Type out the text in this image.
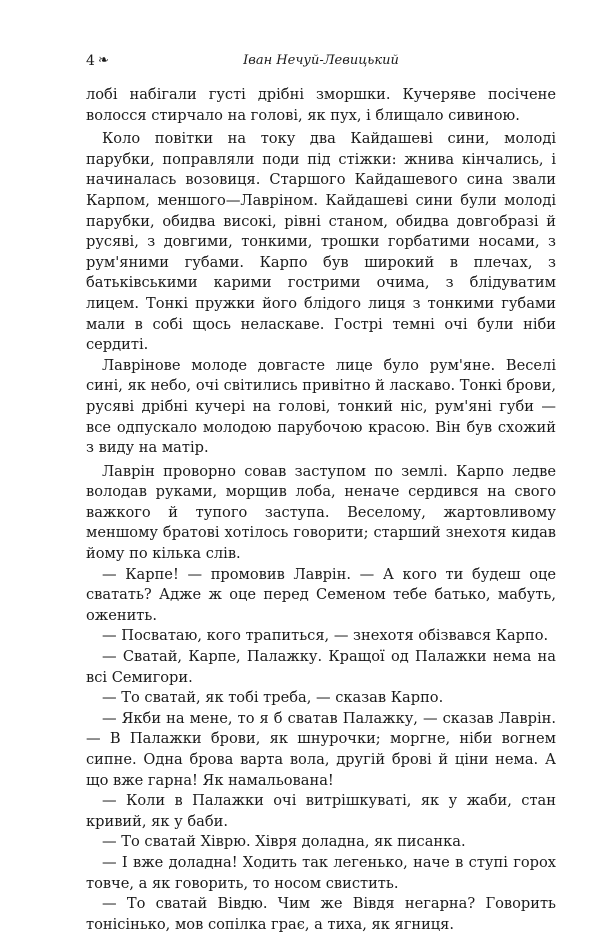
4 ❧	Іван Нечуй-Левицький

лобі набігали густі дрібні зморшки. Кучеряве посічене волосся стирчало на голові, як пух, і блищало сивиною.

Коло повітки на току два Кайдашеві сини, молоді парубки, поправляли поди під стіжки: жнива кінчались, і начиналась возовиця. Старшого Кайдашевого сина звали Карпом, меншого—Лавріном. Кайдашеві сини були молоді парубки, обидва високі, рівні станом, обидва довгобразі й русяві, з довгими, тонкими, трошки горбатими носами, з рум'яними губами. Карпо був широкий в плечах, з батьківськими карими гострими очима, з блідуватим лицем. Тонкі пружки його блідого лиця з тонкими губами мали в собі щось неласкаве. Гострі темні очі були ніби сердиті.

Лаврінове молоде довгасте лице було рум'яне. Веселі сині, як небо, очі світились привітно й ласкаво. Тонкі брови, русяві дрібні кучері на голові, тонкий ніс, рум'яні губи — все одпускало молодою парубочою красою. Він був схожий з виду на матір.

Лаврін проворно совав заступом по землі. Карпо ледве володав руками, морщив лоба, неначе сердився на свого важкого й тупого заступа. Веселому, жартовливому меншому братові хотілось говорити; старший знехотя кидав йому по кілька слів.

— Карпе! — промовив Лаврін. — А кого ти будеш оце сватать? Адже ж оце перед Семеном тебе батько, мабуть, оженить.

— Посватаю, кого трапиться, — знехотя обізвався Карпо.

— Сватай, Карпе, Палажку. Кращої од Палажки нема на всі Семигори.

— То сватай, як тобі треба, — сказав Карпо.

— Якби на мене, то я б сватав Палажку, — сказав Лаврін. — В Палажки брови, як шнурочки; моргне, ніби вогнем сипне. Одна брова варта вола, другій брові й ціни нема. А що вже гарна! Як намальована!

— Коли в Палажки очі витрішкуваті, як у жаби, стан кривий, як у баби.

— То сватай Хіврю. Хівря доладна, як писанка.

— І вже доладна! Ходить так легенько, наче в ступі горох товче, а як говорить, то носом свистить.

— То сватай Вівдю. Чим же Вівдя негарна? Говорить тонісінько, мов сопілка грає, а тиха, як ягниця.
